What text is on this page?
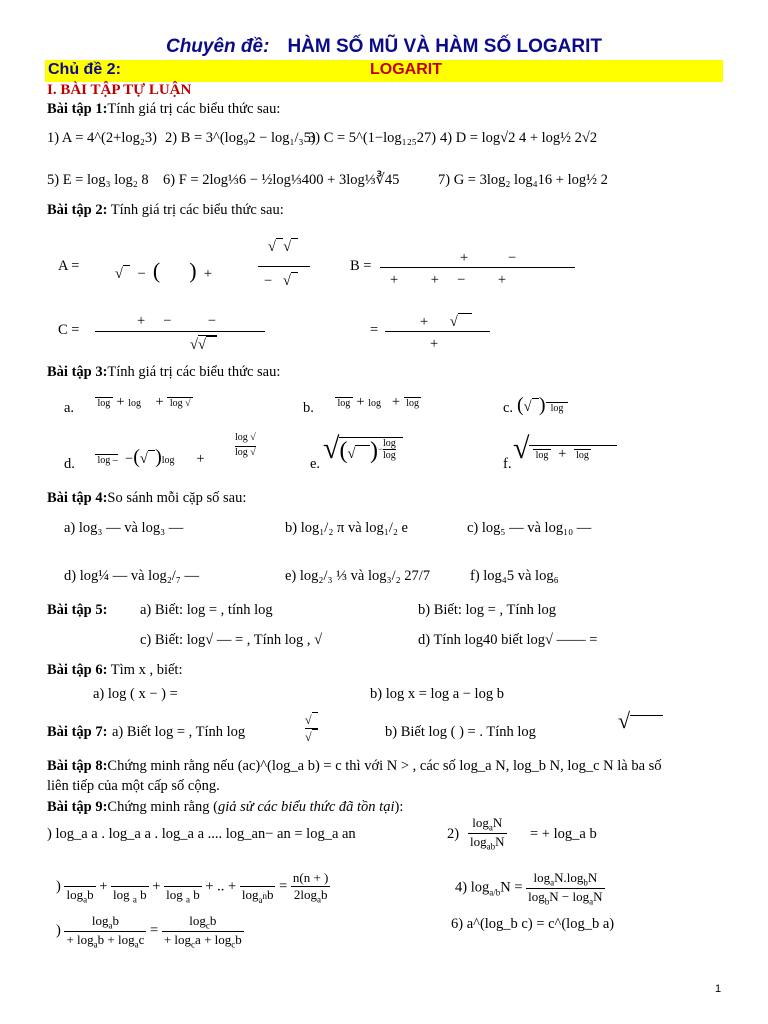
Chuyên đề: HÀM SỐ MŨ VÀ HÀM SỐ LOGARIT
Chủ đề 2:	LOGARIT
I. BÀI TẬP TỰ LUẬN
Bài tập 1:Tính giá trị các biểu thức sau:
1) A = 4^(2+log₂3) 2) B = 3^(log₉2 − log₁/₃5)
3) C = 5^(1−log₁₂₅27) 4) D = log√2 4 + log½ 2√2
5) E = log₃ log₂ 8 6) F = 2log⅓6 − ½log⅓400 + 3log⅓∛45	7) G = 3log₂ log₄16 + log½ 2
Bài tập 2: Tính giá trị các biểu thức sau:
A = √    −  ( )  +
√ √
−   √
B =	+           −
+         +     −         +
C =
+     −          −
√√
=	+      √
+
Bài tập 3:Tính giá trị các biểu thức sau:
a. log  + log    +  log √	b. log  + log   +  log	c. (√ )  log
d. log –  −(√ )log      +
log √
log √
e. √(√ )$^- \frac{\log}{\log}$

f. √  log   +   log
Bài tập 4:So sánh mỗi cặp số sau:
a) log₃ — và log₃ —	b) log₁/₂ π và log₁/₂ e	c) log₅ — và log₁₀ —
d) log¼ — và log₂/₇ —	e) log₂/₃ ⅓ và log₃/₂ 27/7	f) log₄5 và log₆
Bài tập 5: a) Biết: log = , tính log	b) Biết: log = , Tính log
c) Biết: log√ — = , Tính log , √	d) Tính log40 biết log√ —— =
Bài tập 6: Tìm x , biết:
a) log ( x − ) =	b) log x = log a − log b
Bài tập 7: a) Biết log = , Tính log
√
√	b) Biết log ( ) = . Tính log	√
Bài tập 8:Chứng minh rằng nếu (ac)^(log_a b) = c thì với N > , các số log_a N, log_b N, log_c N là ba số
liên tiếp của một cấp số cộng.
Bài tập 9:Chứng minh rằng (giả sử các biểu thức đã tồn tại):
) log_a a . log_a a . log_a a .... log_an− an = log_a an	$2) \frac{\log_aN}{\log_{ab}N}$ = + log_a b
)
$\log_ab$ +
log $_a$ b +
log $_a$ b + .. +
$\log_{a^n}b = \frac{n(n + )}{2\log_ab}$	4) $\log_{a/b}N = \frac{\log_aN.\log_bN}{\log_bN - \log_aN}$
) $\frac{\log_ab}{+ \log_ab + \log_ac} = \frac{\log_cb}{+ \log_ca + \log_cb}$	6) a^(log_b c) = c^(log_b a)
1
